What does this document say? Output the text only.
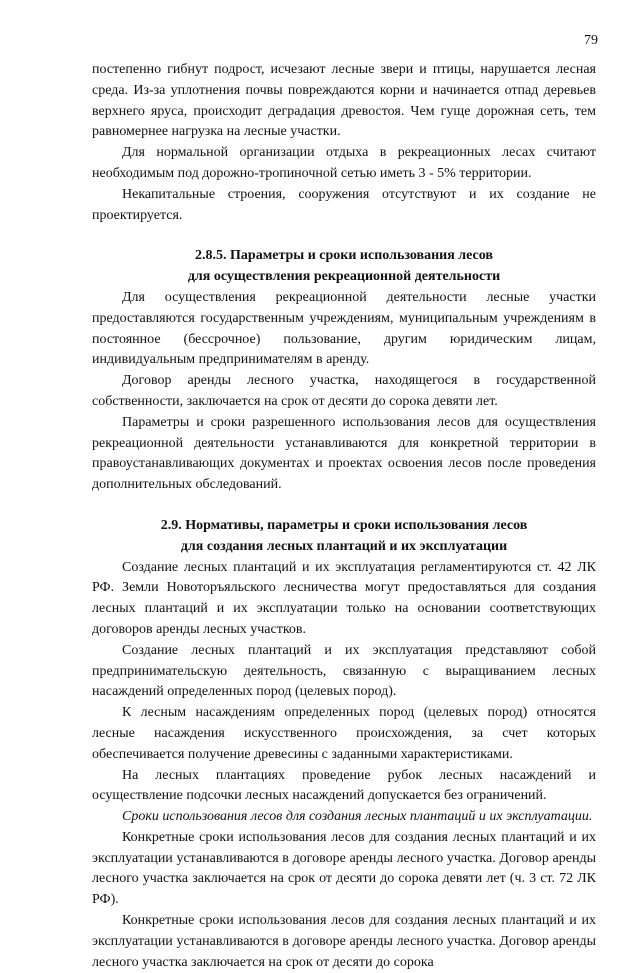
79

постепенно гибнут подрост, исчезают лесные звери и птицы, нарушается лесная среда. Из-за уплотнения почвы повреждаются корни и начинается отпад деревьев верхнего яруса, происходит деградация древостоя. Чем гуще дорожная сеть, тем равномернее нагрузка на лесные участки.

Для нормальной организации отдыха в рекреационных лесах считают необходимым под дорожно-тропиночной сетью иметь 3 - 5% территории.

Некапитальные строения, сооружения отсутствуют и их создание не проектируется.

2.8.5. Параметры и сроки использования лесов

для осуществления рекреационной деятельности

Для осуществления рекреационной деятельности лесные участки предоставляются государственным учреждениям, муниципальным учреждениям в постоянное (бессрочное) пользование, другим юридическим лицам, индивидуальным предпринимателям в аренду.

Договор аренды лесного участка, находящегося в государственной собственности, заключается на срок от десяти до сорока девяти лет.

Параметры и сроки разрешенного использования лесов для осуществления рекреационной деятельности устанавливаются для конкретной территории в правоустанавливающих документах и проектах освоения лесов после проведения дополнительных обследований.

2.9. Нормативы, параметры и сроки использования лесов

для создания лесных плантаций и их эксплуатации

Создание лесных плантаций и их эксплуатация регламентируются ст. 42 ЛК РФ. Земли Новоторъяльского лесничества могут предоставляться для создания лесных плантаций и их эксплуатации только на основании соответствующих договоров аренды лесных участков.

Создание лесных плантаций и их эксплуатация представляют собой предпринимательскую деятельность, связанную с выращиванием лесных насаждений определенных пород (целевых пород).

К лесным насаждениям определенных пород (целевых пород) относятся лесные насаждения искусственного происхождения, за счет которых обеспечивается получение древесины с заданными характеристиками.

На лесных плантациях проведение рубок лесных насаждений и осуществление подсочки лесных насаждений допускается без ограничений.

Сроки использования лесов для создания лесных плантаций и их эксплуатации.

Конкретные сроки использования лесов для создания лесных плантаций и их эксплуатации устанавливаются в договоре аренды лесного участка. Договор аренды лесного участка заключается на срок от десяти до сорока девяти лет (ч. 3 ст. 72 ЛК РФ).

Конкретные сроки использования лесов для создания лесных плантаций и их эксплуатации устанавливаются в договоре аренды лесного участка. Договор аренды лесного участка заключается на срок от десяти до сорока
